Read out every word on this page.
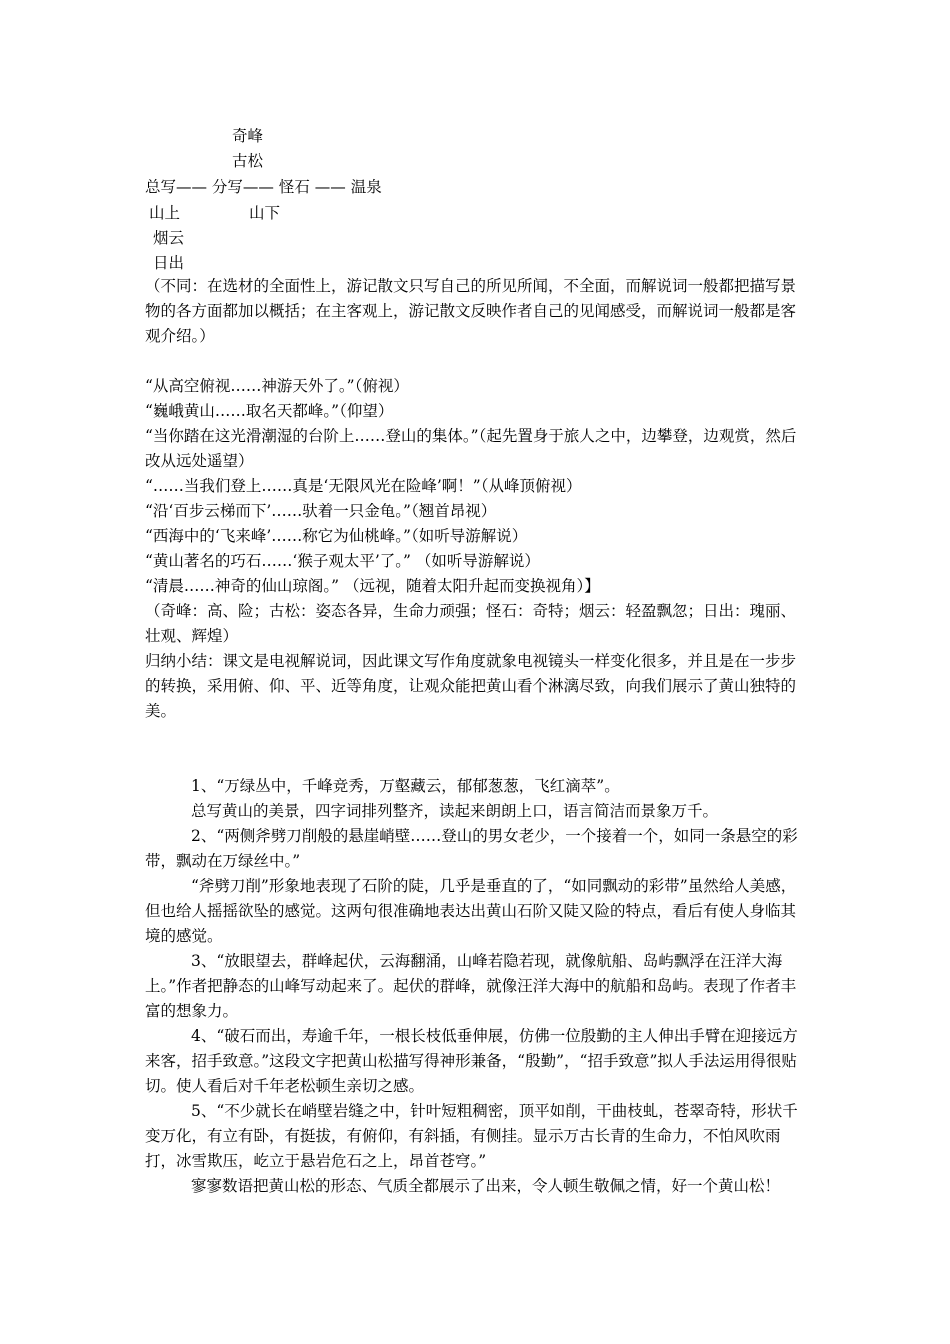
奇峰
古松
总写—— 分写—— 怪石 —— 温泉
山上	山下
烟云
日出

（不同：在选材的全面性上，游记散文只写自己的所见所闻，不全面，而解说词一般都把描写景物的各方面都加以概括；在主客观上，游记散文反映作者自己的见闻感受，而解说词一般都是客观介绍。）

“从高空俯视……神游天外了。”（俯视）

“巍峨黄山……取名天都峰。”（仰望）

“当你踏在这光滑潮湿的台阶上……登山的集体。”（起先置身于旅人之中，边攀登，边观赏，然后改从远处遥望）

“……当我们登上……真是‘无限风光在险峰’啊！”（从峰顶俯视）

“沿‘百步云梯而下’……驮着一只金龟。”（翘首昂视）

“西海中的‘飞来峰’……称它为仙桃峰。”（如听导游解说）

“黄山著名的巧石……‘猴子观太平’了。” （如听导游解说）

“清晨……神奇的仙山琼阁。” （远视，随着太阳升起而变换视角）】

（奇峰：高、险；古松：姿态各异，生命力顽强；怪石：奇特；烟云：轻盈飘忽；日出：瑰丽、壮观、辉煌）

归纳小结：课文是电视解说词，因此课文写作角度就象电视镜头一样变化很多，并且是在一步步的转换，采用俯、仰、平、近等角度，让观众能把黄山看个淋漓尽致，向我们展示了黄山独特的美。

1、“万绿丛中，千峰竞秀，万壑藏云，郁郁葱葱，飞红滴萃”。

总写黄山的美景，四字词排列整齐，读起来朗朗上口，语言简洁而景象万千。

2、“两侧斧劈刀削般的悬崖峭壁……登山的男女老少，一个接着一个，如同一条悬空的彩带，飘动在万绿丝中。”

“斧劈刀削”形象地表现了石阶的陡，几乎是垂直的了，“如同飘动的彩带”虽然给人美感，但也给人摇摇欲坠的感觉。这两句很准确地表达出黄山石阶又陡又险的特点，看后有使人身临其境的感觉。

3、“放眼望去，群峰起伏，云海翻涌，山峰若隐若现，就像航船、岛屿飘浮在汪洋大海上。”作者把静态的山峰写动起来了。起伏的群峰，就像汪洋大海中的航船和岛屿。表现了作者丰富的想象力。

4、“破石而出，寿逾千年，一根长枝低垂伸展，仿佛一位殷勤的主人伸出手臂在迎接远方来客，招手致意。”这段文字把黄山松描写得神形兼备，“殷勤”，“招手致意”拟人手法运用得很贴切。使人看后对千年老松顿生亲切之感。

5、“不少就长在峭壁岩缝之中，针叶短粗稠密，顶平如削，干曲枝虬，苍翠奇特，形状千变万化，有立有卧，有挺拔，有俯仰，有斜插，有侧挂。显示万古长青的生命力，不怕风吹雨打，冰雪欺压，屹立于悬岩危石之上，昂首苍穹。”

寥寥数语把黄山松的形态、气质全都展示了出来，令人顿生敬佩之情，好一个黄山松！
